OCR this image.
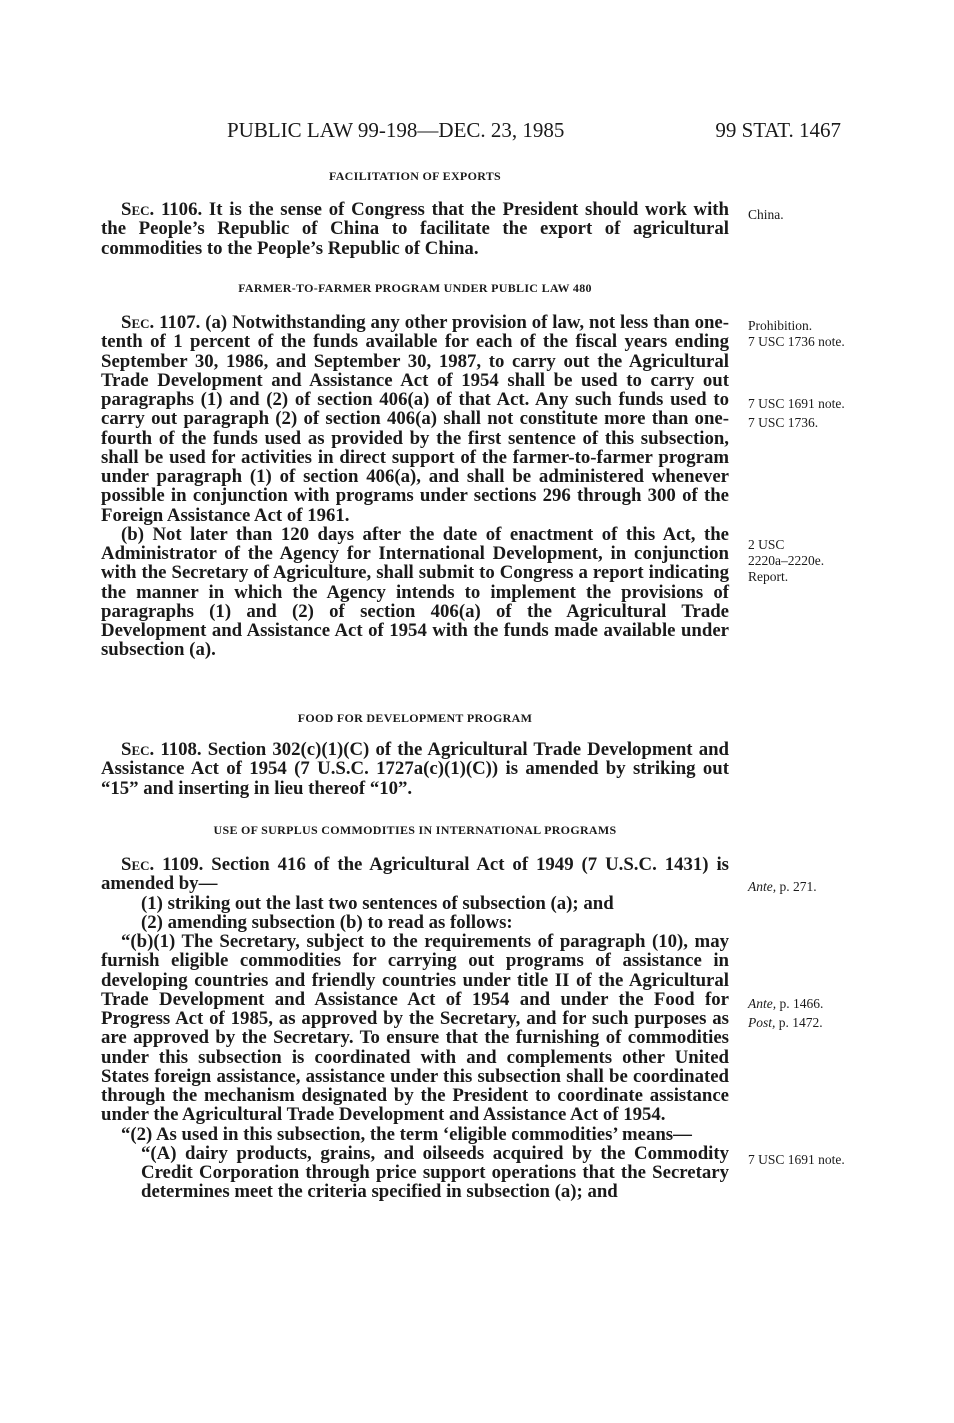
PUBLIC LAW 99-198—DEC. 23, 1985	99 STAT. 1467
FACILITATION OF EXPORTS

Sec. 1106. It is the sense of Congress that the President should work with the People’s Republic of China to facilitate the export of agricultural commodities to the People’s Republic of China.

China.
FARMER-TO-FARMER PROGRAM UNDER PUBLIC LAW 480

Sec. 1107. (a) Notwithstanding any other provision of law, not less than one-tenth of 1 percent of the funds available for each of the fiscal years ending September 30, 1986, and September 30, 1987, to carry out the Agricultural Trade Development and Assistance Act of 1954 shall be used to carry out paragraphs (1) and (2) of section 406(a) of that Act. Any such funds used to carry out paragraph (2) of section 406(a) shall not constitute more than one-fourth of the funds used as provided by the first sentence of this subsection, shall be used for activities in direct support of the farmer-to-farmer program under paragraph (1) of section 406(a), and shall be administered whenever possible in conjunction with programs under sections 296 through 300 of the Foreign Assistance Act of 1961.

(b) Not later than 120 days after the date of enactment of this Act, the Administrator of the Agency for International Development, in conjunction with the Secretary of Agriculture, shall submit to Congress a report indicating the manner in which the Agency intends to implement the provisions of paragraphs (1) and (2) of section 406(a) of the Agricultural Trade Development and Assistance Act of 1954 with the funds made available under subsection (a).

Prohibition.
7 USC 1736 note.
7 USC 1691 note.
7 USC 1736.
2 USC
2220a–2220e.
Report.
FOOD FOR DEVELOPMENT PROGRAM

Sec. 1108. Section 302(c)(1)(C) of the Agricultural Trade Development and Assistance Act of 1954 (7 U.S.C. 1727a(c)(1)(C)) is amended by striking out “15” and inserting in lieu thereof “10”.

USE OF SURPLUS COMMODITIES IN INTERNATIONAL PROGRAMS

Sec. 1109. Section 416 of the Agricultural Act of 1949 (7 U.S.C. 1431) is amended by—

(1) striking out the last two sentences of subsection (a); and

(2) amending subsection (b) to read as follows:

“(b)(1) The Secretary, subject to the requirements of paragraph (10), may furnish eligible commodities for carrying out programs of assistance in developing countries and friendly countries under title II of the Agricultural Trade Development and Assistance Act of 1954 and under the Food for Progress Act of 1985, as approved by the Secretary, and for such purposes as are approved by the Secretary. To ensure that the furnishing of commodities under this subsection is coordinated with and complements other United States foreign assistance, assistance under this subsection shall be coordinated through the mechanism designated by the President to coordinate assistance under the Agricultural Trade Development and Assistance Act of 1954.

“(2) As used in this subsection, the term ‘eligible commodities’ means—

“(A) dairy products, grains, and oilseeds acquired by the Commodity Credit Corporation through price support operations that the Secretary determines meet the criteria specified in subsection (a); and

Ante, p. 271.
Ante, p. 1466.
Post, p. 1472.
7 USC 1691 note.
